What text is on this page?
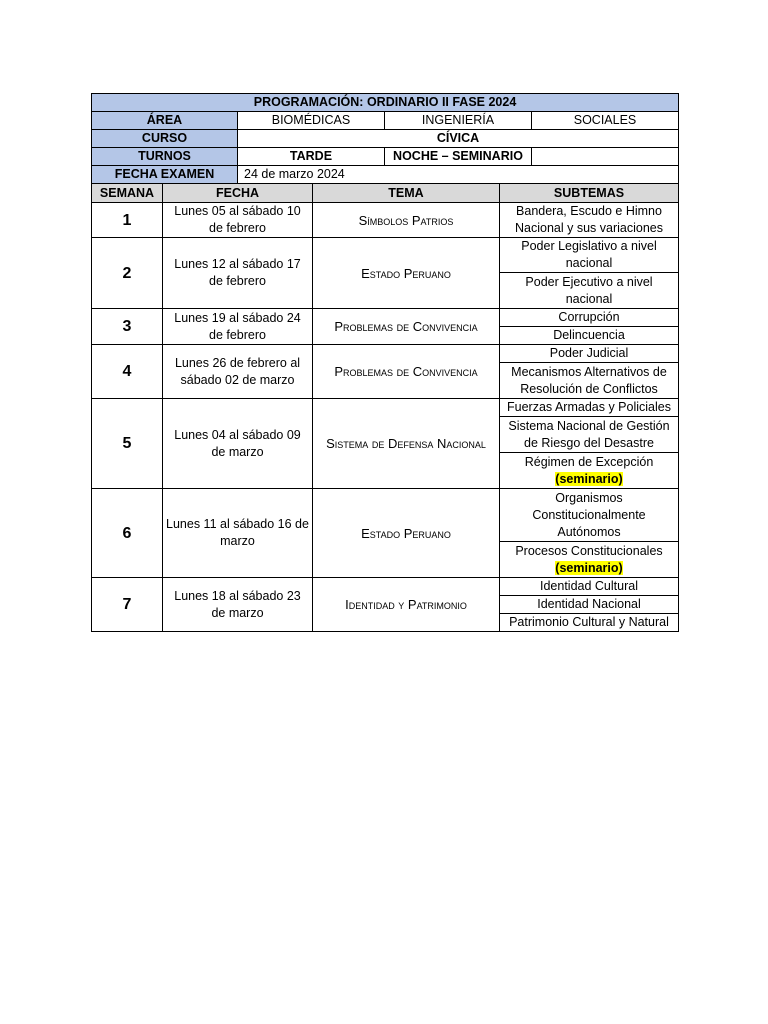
PROGRAMACIÓN: ORDINARIO II FASE 2024			
ÁREA	BIOMÉDICAS	INGENIERÍA	SOCIALES
CURSO	CÍVICA		
TURNOS	TARDE	NOCHE – SEMINARIO	
FECHA EXAMEN	24 de marzo 2024		
SEMANA	FECHA	TEMA	SUBTEMAS
1	Lunes 05 al sábado 10 de febrero	Símbolos Patrios	Bandera, Escudo e Himno Nacional y sus variaciones
2	Lunes 12 al sábado 17 de febrero	Estado Peruano	Poder Legislativo a nivel nacional
			Poder Ejecutivo a nivel nacional
3	Lunes 19 al sábado 24 de febrero	Problemas de Convivencia	Corrupción
			Delincuencia
4	Lunes 26 de febrero al sábado 02 de marzo	Problemas de Convivencia	Poder Judicial
			Mecanismos Alternativos de Resolución de Conflictos
5	Lunes 04 al sábado 09 de marzo	Sistema de Defensa Nacional	Fuerzas Armadas y Policiales
			Sistema Nacional de Gestión de Riesgo del Desastre
			Régimen de Excepción
(seminario)
6	Lunes 11 al sábado 16 de marzo	Estado Peruano	Organismos Constitucionalmente Autónomos
			Procesos Constitucionales
(seminario)
7	Lunes 18 al sábado 23 de marzo	Identidad y Patrimonio	Identidad Cultural
			Identidad Nacional
			Patrimonio Cultural y Natural
